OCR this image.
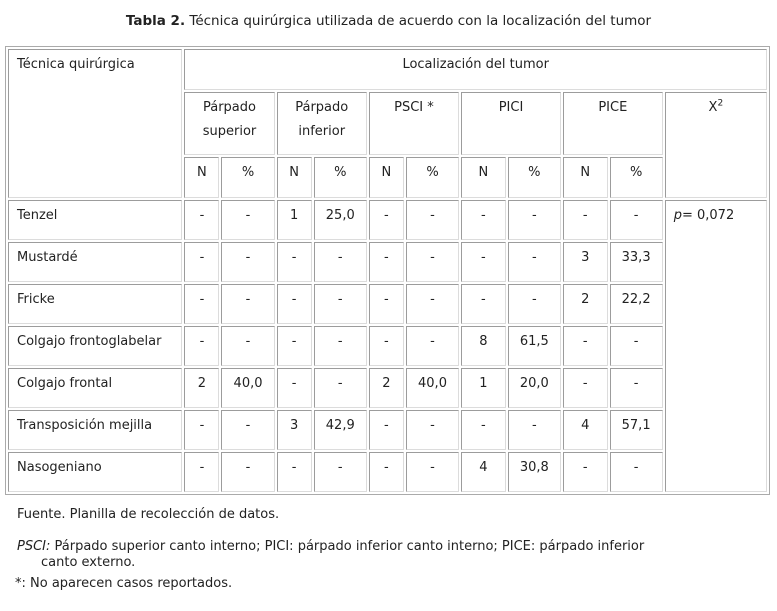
Tabla 2. Técnica quirúrgica utilizada de acuerdo con la localización del tumor
Técnica quirúrgica	Localización del tumor										
	Párpado superior		Párpado inferior		PSCI *		PICI		PICE		$X^2$
	N	%	N	%	N	%	N	%	N	%	
Tenzel	-	-	1	25,0	-	-	-	-	-	-	p= 0,072
Mustardé	-	-	-	-	-	-	-	-	3	33,3	
Fricke	-	-	-	-	-	-	-	-	2	22,2	
Colgajo frontoglabelar	-	-	-	-	-	-	8	61,5	-	-	
Colgajo frontal	2	40,0	-	-	2	40,0	1	20,0	-	-	
Transposición mejilla	-	-	3	42,9	-	-	-	-	4	57,1	
Nasogeniano	-	-	-	-	-	-	4	30,8	-	-	
Fuente. Planilla de recolección de datos.
PSCI: Párpado superior canto interno; PICI: párpado inferior canto interno; PICE: párpado inferior
canto externo.
*: No aparecen casos reportados.
